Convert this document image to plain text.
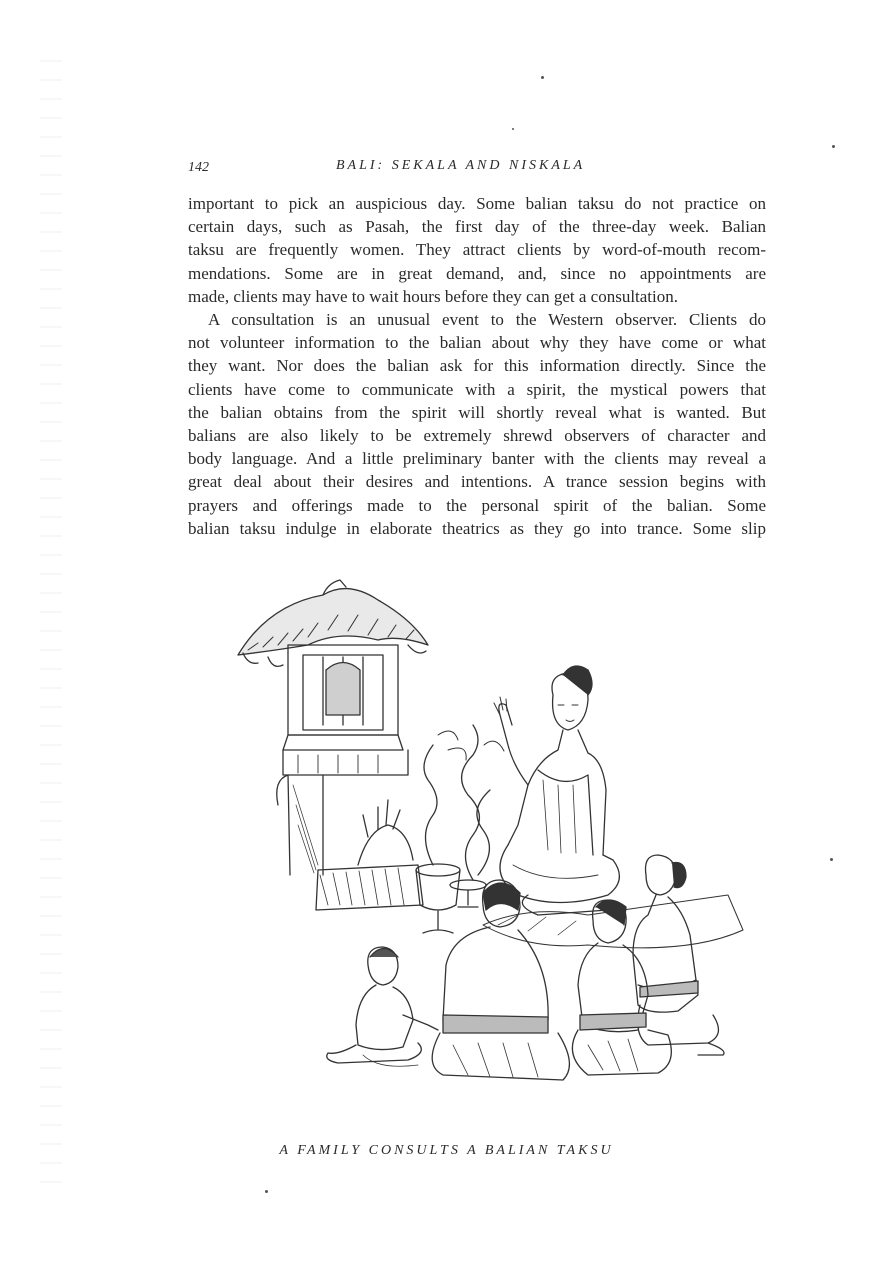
142	BALI: SEKALA AND NISKALA
important to pick an auspicious day. Some balian taksu do not practice on
certain days, such as Pasah, the first day of the three-day week. Balian
taksu are frequently women. They attract clients by word-of-mouth recom-
mendations. Some are in great demand, and, since no appointments are
made, clients may have to wait hours before they can get a consultation.
A consultation is an unusual event to the Western observer. Clients do
not volunteer information to the balian about why they have come or what
they want. Nor does the balian ask for this information directly. Since the
clients have come to communicate with a spirit, the mystical powers that
the balian obtains from the spirit will shortly reveal what is wanted. But
balians are also likely to be extremely shrewd observers of character and
body language. And a little preliminary banter with the clients may reveal a
great deal about their desires and intentions. A trance session begins with
prayers and offerings made to the personal spirit of the balian. Some
balian taksu indulge in elaborate theatrics as they go into trance. Some slip
A FAMILY CONSULTS A BALIAN TAKSU
